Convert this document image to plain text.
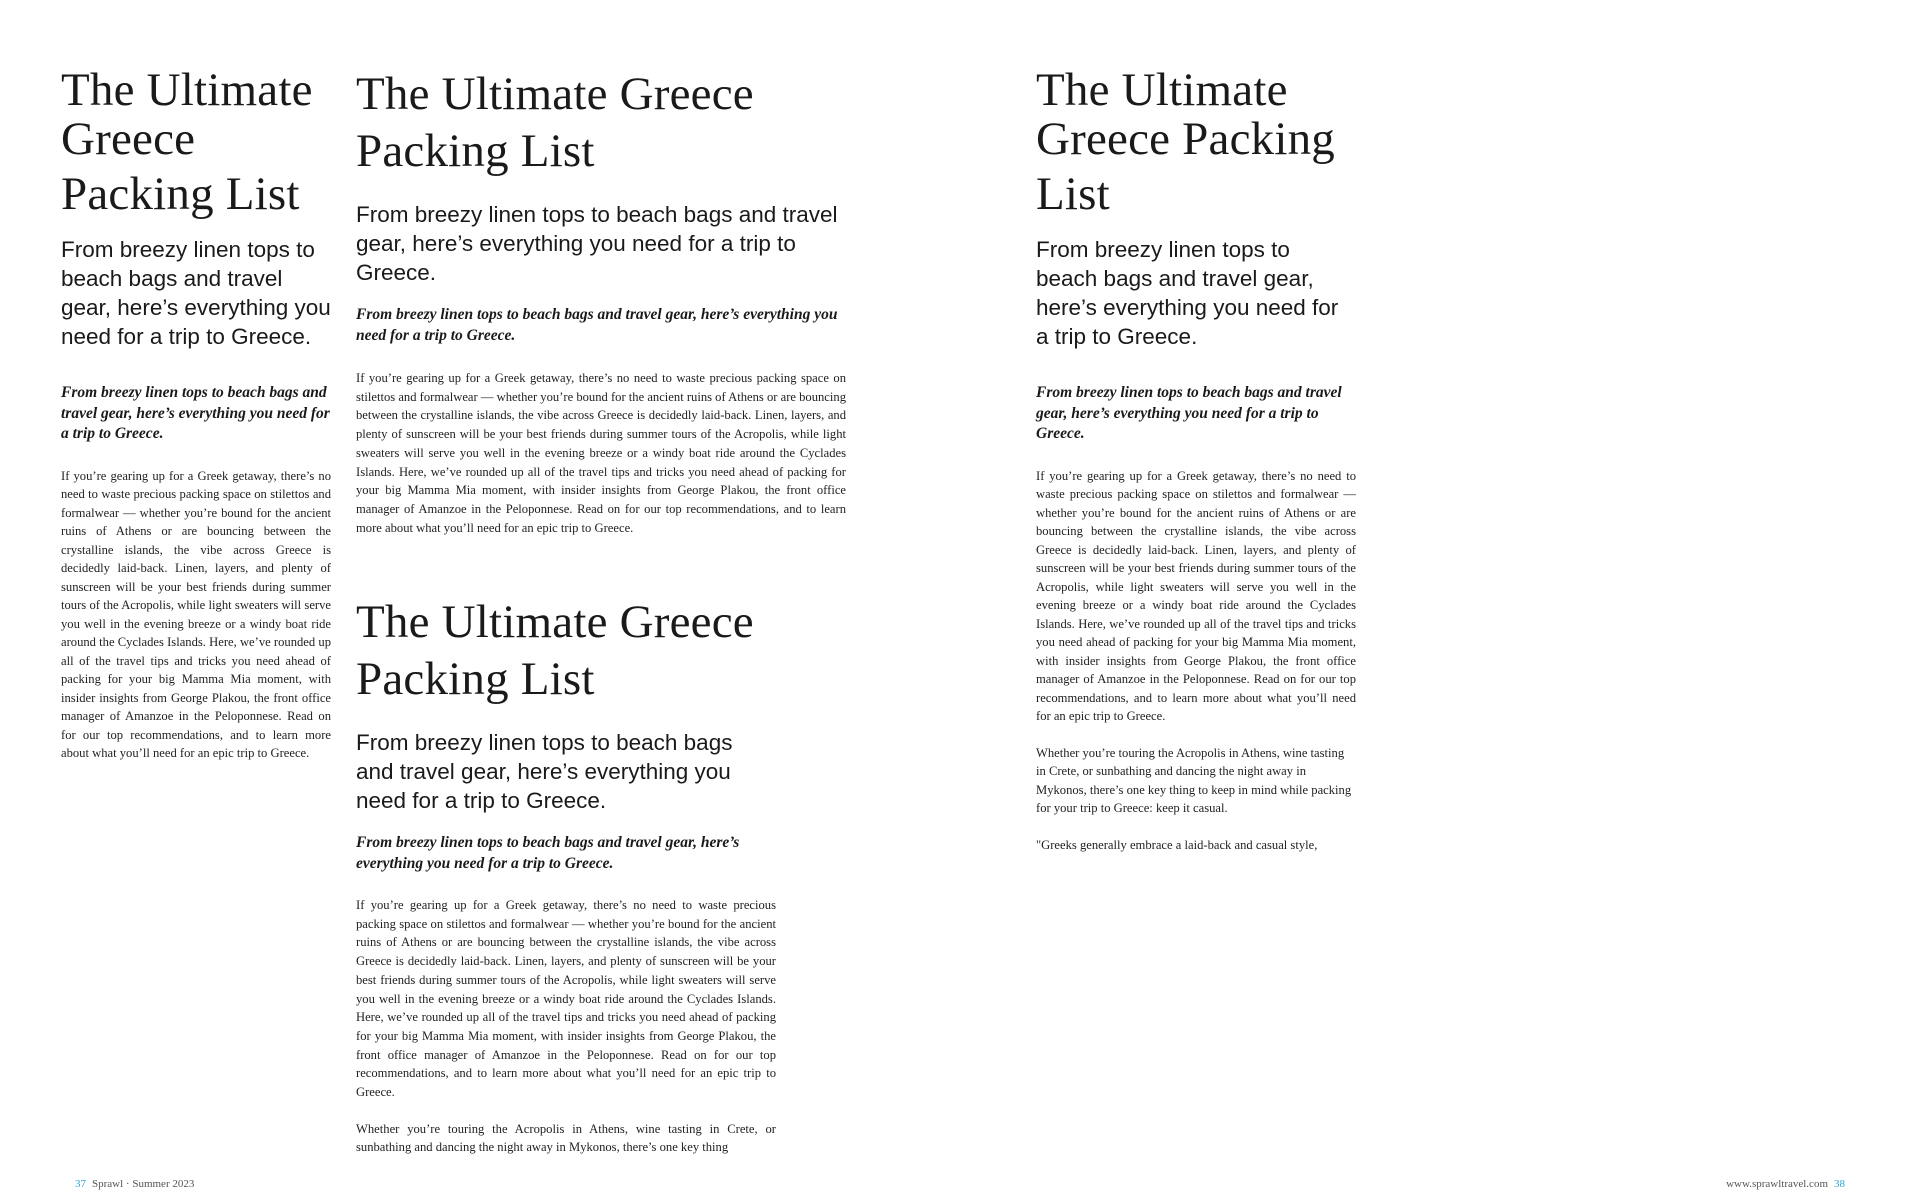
The Ultimate
Greece
Packing List

From breezy linen tops to beach bags and travel gear, here’s everything you need for a trip to Greece.

From breezy linen tops to beach bags and travel gear, here’s everything you need for a trip to Greece.

If you’re gearing up for a Greek getaway, there’s no need to waste precious packing space on stilettos and formalwear — whether you’re bound for the ancient ruins of Athens or are bouncing between the crystalline islands, the vibe across Greece is decidedly laid-back. Linen, layers, and plenty of sunscreen will be your best friends during summer tours of the Acropolis, while light sweaters will serve you well in the evening breeze or a windy boat ride around the Cyclades Islands. Here, we’ve rounded up all of the travel tips and tricks you need ahead of packing for your big Mamma Mia moment, with insider insights from George Plakou, the front office manager of Amanzoe in the Peloponnese. Read on for our top recommendations, and to learn more about what you’ll need for an epic trip to Greece.

The Ultimate Greece
Packing List

From breezy linen tops to beach bags and travel gear, here’s everything you need for a trip to Greece.

From breezy linen tops to beach bags and travel gear, here’s everything you need for a trip to Greece.

If you’re gearing up for a Greek getaway, there’s no need to waste precious packing space on stilettos and formalwear — whether you’re bound for the ancient ruins of Athens or are bouncing between the crystalline islands, the vibe across Greece is decidedly laid-back. Linen, layers, and plenty of sunscreen will be your best friends during summer tours of the Acropolis, while light sweaters will serve you well in the evening breeze or a windy boat ride around the Cyclades Islands. Here, we’ve rounded up all of the travel tips and tricks you need ahead of packing for your big Mamma Mia moment, with insider insights from George Plakou, the front office manager of Amanzoe in the Peloponnese. Read on for our top recommendations, and to learn more about what you’ll need for an epic trip to Greece.

The Ultimate Greece
Packing List

From breezy linen tops to beach bags and travel gear, here’s everything you need for a trip to Greece.

From breezy linen tops to beach bags and travel gear, here’s everything you need for a trip to Greece.

If you’re gearing up for a Greek getaway, there’s no need to waste precious packing space on stilettos and formalwear — whether you’re bound for the ancient ruins of Athens or are bouncing between the crystalline islands, the vibe across Greece is decidedly laid-back. Linen, layers, and plenty of sunscreen will be your best friends during summer tours of the Acropolis, while light sweaters will serve you well in the evening breeze or a windy boat ride around the Cyclades Islands. Here, we’ve rounded up all of the travel tips and tricks you need ahead of packing for your big Mamma Mia moment, with insider insights from George Plakou, the front office manager of Amanzoe in the Peloponnese. Read on for our top recommendations, and to learn more about what you’ll need for an epic trip to Greece.

Whether you’re touring the Acropolis in Athens, wine tasting in Crete, or sunbathing and dancing the night away in Mykonos, there’s one key thing

The Ultimate
Greece Packing
List

From breezy linen tops to beach bags and travel gear, here’s everything you need for a trip to Greece.

From breezy linen tops to beach bags and travel gear, here’s everything you need for a trip to Greece.

If you’re gearing up for a Greek getaway, there’s no need to waste precious packing space on stilettos and formalwear — whether you’re bound for the ancient ruins of Athens or are bouncing between the crystalline islands, the vibe across Greece is decidedly laid-back. Linen, layers, and plenty of sunscreen will be your best friends during summer tours of the Acropolis, while light sweaters will serve you well in the evening breeze or a windy boat ride around the Cyclades Islands. Here, we’ve rounded up all of the travel tips and tricks you need ahead of packing for your big Mamma Mia moment, with insider insights from George Plakou, the front office manager of Amanzoe in the Peloponnese. Read on for our top recommendations, and to learn more about what you’ll need for an epic trip to Greece.

Whether you’re touring the Acropolis in Athens, wine tasting in Crete, or sunbathing and dancing the night away in Mykonos, there’s one key thing to keep in mind while packing for your trip to Greece: keep it casual.

"Greeks generally embrace a laid-back and casual style,

37 Sprawl · Summer 2023	www.sprawltravel.com 38
